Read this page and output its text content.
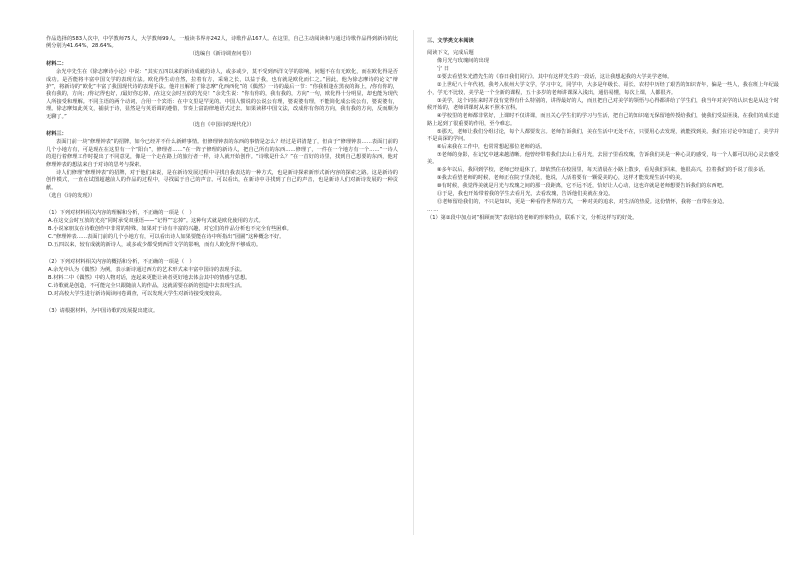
作品选择的583人次中，中学教师75人，大学教师99人，一般读书界亦242人，诗歌作品167人。在这里，自己主动阅读和与通过诗歌作品得到新诗的比例分别为41.64%，28.64%。

（选编自《新诗调查问卷》）

材料二：

余光中先生在《徐志摩诗小论》中说：“其实五四以来的新诗成就的诗人，或多或少，莫不受到西洋文学的影响，问题不在有无欧化，而在欧化得是否成功。是否能将丰富中国文学的表现方法。欧化得生动自然，拉着有方，采菊之长，以益于我，也有就是欧化而仁之。”因此，他为徐志摩诗的论文“辩护”，将新诗的“欧化”丰富了我国现代诗的表现手法。他并且解析了徐志摩“化西西化”的《偶然》一诗的最后一节：“你我相逢在黑夜的海上，/你有你的，我有我的，方向；/你记得也好，/最好你忘掉，/在这交会时互放的光亮！”余先生说：“你有你的，我有我的，方向”一句，欧化得十分明显，却也能为现代人所接受和理解。不同主语的两个动词，合用一个宾语：在中文里是罕见的。中国人惯说的公说公有理，婆说婆有理，不能简化成公说公有，婆说婆有，理。徐志摩知此英文，捕获于诗，显然是与英语调的遵借，节奏上富韵律地语式过去。如果读移中国文法，改成你有你的方向，我有我的方向，反而颇为无聊了。”

（选自《中国诗的现代化》）

材料三：

表面门前一块“修理钟表”的招牌，如今已经并不什么新鲜事情。但修理钟表的东西的事情是怎么？经过是讲清楚了，但由于“修理钟表……表面门前的几个小地方有，可是现在在这里有一个“阳台”，修理者……”在一阵子修理的新诗人，把自己所有的东西……修理了，一件在一个地方有一个……”一诗人的进行着修理工作时提出了不同意见，像是一个走在路上的旅行者一样，诗人就开始创作。“诗歌是什么？”在一首好的诗里，找到自己想要的东西，他对修理钟表的想法来自于对诗的思考与探索。

诗人们修理“修理钟表”的招牌，对于他们来说，是在新诗发展过程中寻找自我表达的一种方式，也是新诗探索新形式新内容的探索之路。这是新诗的创作模式，一直在试图超越前人的作品的过程中，寻找属于自己的声音。可以看出，在新诗中寻找到了自己的声音，也是新诗人们对新诗发展的一种贡献。

（选自《诗的发现》）

（1）下列对材料相关内容的理解和分析，不正确的一项是（　）

A.在这交会时互放的光亮”同时承受双重语——“记得”“忘掉”。这种句式就是欧化使用的方式。

B.小说家朋友在诗歌创作中非常的特殊，如果对于诗有丰富的兴趣，对它们的作品分析也不完全有些困难。

C.“修理钟表……表面门前的几个小地方有，可以看出诗人如果要能在诗中所指出“园圃”这种概念不好。

D.五四以来，较有成就的新诗人，或多或少都受到西洋文学的影响，而有人欧化得不够成功。

（2）下列对材料相关内容的概括和分析，不正确的一项是（　）

A.余光中认为《偶然》为例，表示新诗通过西方的艺术形式来丰富中国诗的表现手法。

B.材料二中《偶然》中的人物对话，连起来更能让读者更好地去体会其中的情感与思想。

C.诗歌就是创造，不可能完全只跟随前人的作品，这就需要在新的创造中去表现生活。

D.对高校大学生进行新诗阅读问卷调查，可以发现大学生对新诗接受度较高。

（3）请根据材料，为中国诗歌的发展提出建议。

三、文学类文本阅读

阅读下文，完成后题

像月光与玫瑰间的出现

宁 日

①要去看望朱光潜先生的《春日我们同行》。其中有这样先生的一段话，这让我想起我的大学美学老师。

②上世纪八十年代初，我考入杭州大学文学，学习中文，同学中，大多是年级长、哥长、农村中历经了艰苦的知识青年，偏是一些人，我在班上年纪最小，学无不比较，美学是一个全新的课程，五十多岁的老师讲课深入浅出，通俗易懂，每次上课，人都很齐。

③美学，这个词在来时并没有觉得有什么特别的，讲得最好的人，而且把自己对美学的领悟与心得都讲给了学生们，我当年对美学的认识也是从这个时候开始的，老师讲课时从来不照本宣科。

④学校里的老师都非常好，上课时不仅讲课，而且关心学生们的学习与生活，把自己的知识毫无保留地传授给我们，使我们受益匪浅，在我们的成长道路上起到了很重要的作用，至今难忘。

⑤那天，老师让我们分组讨论，每个人都要发言。老师告诉我们，美在生活中无处不在，只要用心去发现，就能找到美。我们在讨论中知道了，美学并不是高深的学问。

⑥后来我在工作中，也常常想起那位老师的话。

⑦老师的身影，在记忆中越来越清晰。他曾经带着我们去山上看月光，去园子里看玫瑰，告诉我们美是一种心灵的感受，每一个人都可以用心灵去感受美。

⑧多年以后，我回到学校，老师已经退休了，却依然住在校园里，每天清晨在小路上散步，看见我们回来，他很高兴，拉着我们的手说了很多话。

⑨我去看望老师的时候，老师正在院子里浇花，他说，人活着要有一颗爱美的心，这样才能发现生活中的美。

⑩有时候，我觉得美就是月光与玫瑰之间的那一段距离，它不远不近，恰好让人心动，这也许就是老师想要告诉我们的东西吧。

⑪于是，我也开始带着我的学生去看月光，去看玫瑰，告诉他们美就在身边。

⑫老师留给我们的，不只是知识，更是一种看待世界的方式，一种对美的追求，对生活的热爱。这份情怀，我将一直带在身边。

……

（1）第②段中加点词“相顾而笑”表现出的老师的形象特点，联系下文，分析这样写的好处。
